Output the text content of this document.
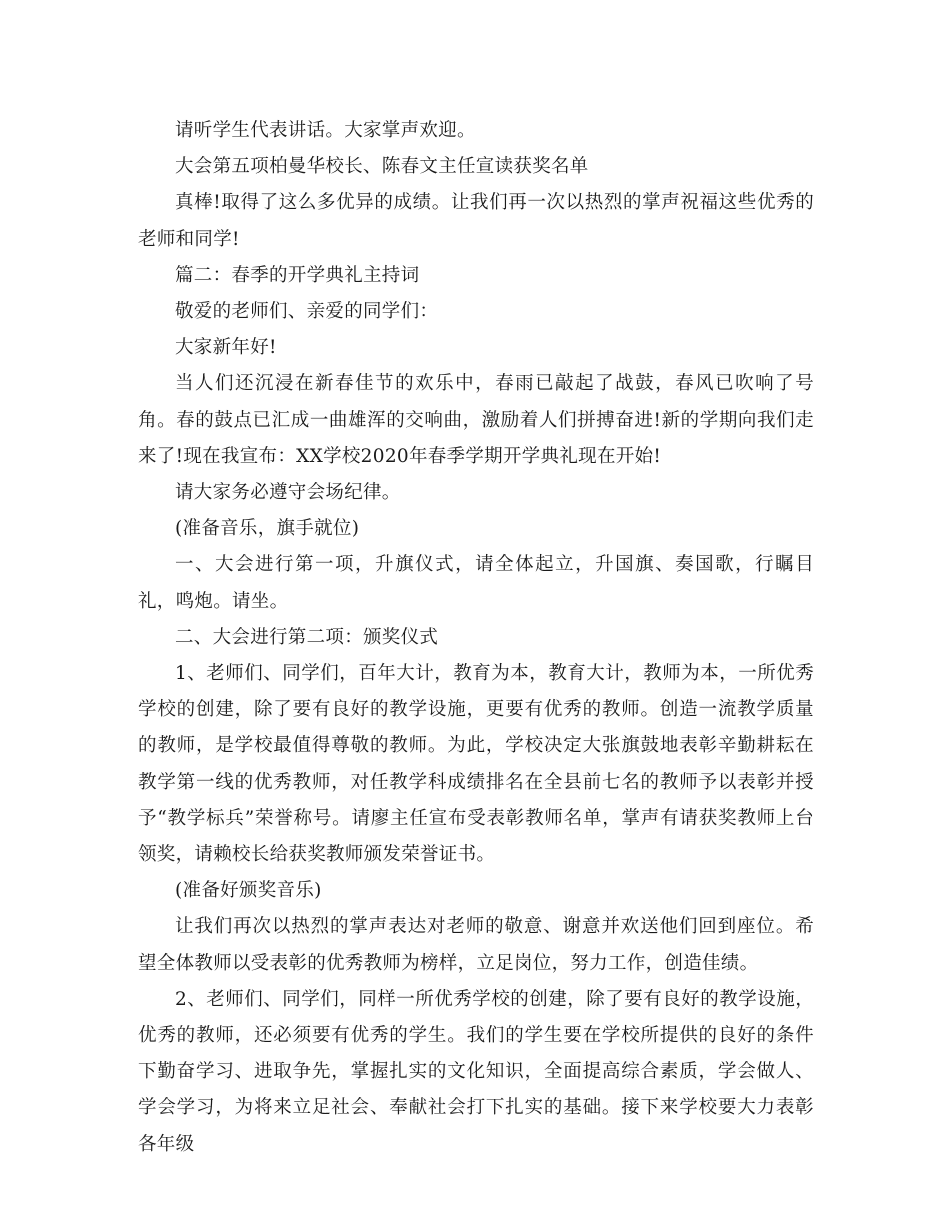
请听学生代表讲话。大家掌声欢迎。

大会第五项柏曼华校长、陈春文主任宣读获奖名单

真棒!取得了这么多优异的成绩。让我们再一次以热烈的掌声祝福这些优秀的老师和同学!

篇二：春季的开学典礼主持词

敬爱的老师们、亲爱的同学们：

大家新年好!

当人们还沉浸在新春佳节的欢乐中，春雨已敲起了战鼓，春风已吹响了号角。春的鼓点已汇成一曲雄浑的交响曲，激励着人们拼搏奋进!新的学期向我们走来了!现在我宣布：XX学校2020年春季学期开学典礼现在开始!

请大家务必遵守会场纪律。

(准备音乐，旗手就位)

一、大会进行第一项，升旗仪式，请全体起立，升国旗、奏国歌，行瞩目礼，鸣炮。请坐。

二、大会进行第二项：颁奖仪式

1、老师们、同学们，百年大计，教育为本，教育大计，教师为本，一所优秀学校的创建，除了要有良好的教学设施，更要有优秀的教师。创造一流教学质量的教师，是学校最值得尊敬的教师。为此，学校决定大张旗鼓地表彰辛勤耕耘在教学第一线的优秀教师，对任教学科成绩排名在全县前七名的教师予以表彰并授予“教学标兵”荣誉称号。请廖主任宣布受表彰教师名单，掌声有请获奖教师上台领奖，请赖校长给获奖教师颁发荣誉证书。

(准备好颁奖音乐)

让我们再次以热烈的掌声表达对老师的敬意、谢意并欢送他们回到座位。希望全体教师以受表彰的优秀教师为榜样，立足岗位，努力工作，创造佳绩。

2、老师们、同学们，同样一所优秀学校的创建，除了要有良好的教学设施，优秀的教师，还必须要有优秀的学生。我们的学生要在学校所提供的良好的条件下勤奋学习、进取争先，掌握扎实的文化知识，全面提高综合素质，学会做人、学会学习，为将来立足社会、奉献社会打下扎实的基础。接下来学校要大力表彰各年级
